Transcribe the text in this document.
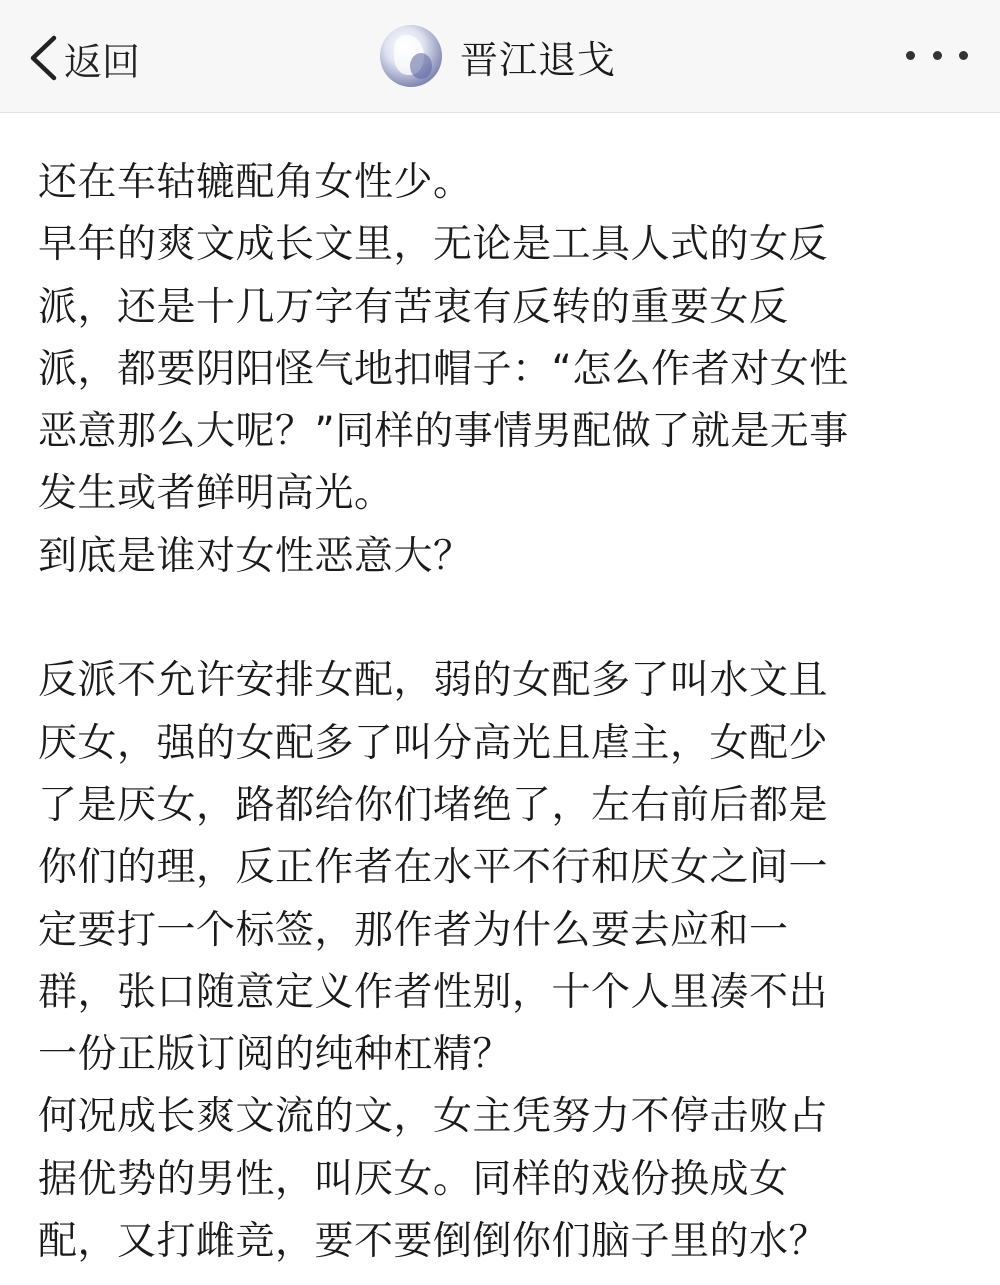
返回	晋江退戈

还在车轱辘配角女性少。

早年的爽文成长文里，无论是工具人式的女反

派，还是十几万字有苦衷有反转的重要女反

派，都要阴阳怪气地扣帽子：“怎么作者对女性

恶意那么大呢？”同样的事情男配做了就是无事

发生或者鲜明高光。

到底是谁对女性恶意大？

反派不允许安排女配，弱的女配多了叫水文且

厌女，强的女配多了叫分高光且虐主，女配少

了是厌女，路都给你们堵绝了，左右前后都是

你们的理，反正作者在水平不行和厌女之间一

定要打一个标签，那作者为什么要去应和一

群，张口随意定义作者性别，十个人里凑不出

一份正版订阅的纯种杠精？

何况成长爽文流的文，女主凭努力不停击败占

据优势的男性，叫厌女。同样的戏份换成女

配，又打雌竞，要不要倒倒你们脑子里的水？
